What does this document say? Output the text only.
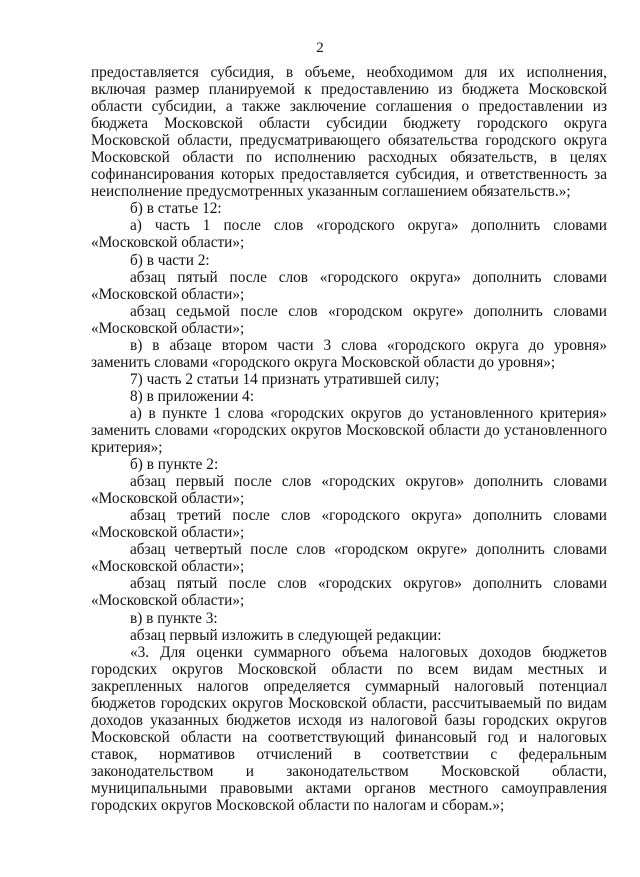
2

предоставляется субсидия, в объеме, необходимом для их исполнения, включая размер планируемой к предоставлению из бюджета Московской области субсидии, а также заключение соглашения о предоставлении из бюджета Московской области субсидии бюджету городского округа Московской области, предусматривающего обязательства городского округа Московской области по исполнению расходных обязательств, в целях софинансирования которых предоставляется субсидия, и ответственность за неисполнение предусмотренных указанным соглашением обязательств.»;

б) в статье 12:

а) часть 1 после слов «городского округа» дополнить словами «Московской области»;

б) в части 2:

абзац пятый после слов «городского округа» дополнить словами «Московской области»;

абзац седьмой после слов «городском округе» дополнить словами «Московской области»;

в) в абзаце втором части 3 слова «городского округа до уровня» заменить словами «городского округа Московской области до уровня»;

7) часть 2 статьи 14 признать утратившей силу;

8) в приложении 4:

а) в пункте 1 слова «городских округов до установленного критерия» заменить словами «городских округов Московской области до установленного критерия»;

б) в пункте 2:

абзац первый после слов «городских округов» дополнить словами «Московской области»;

абзац третий после слов «городского округа» дополнить словами «Московской области»;

абзац четвертый после слов «городском округе» дополнить словами «Московской области»;

абзац пятый после слов «городских округов» дополнить словами «Московской области»;

в) в пункте 3:

абзац первый изложить в следующей редакции:

«3. Для оценки суммарного объема налоговых доходов бюджетов городских округов Московской области по всем видам местных и закрепленных налогов определяется суммарный налоговый потенциал бюджетов городских округов Московской области, рассчитываемый по видам доходов указанных бюджетов исходя из налоговой базы городских округов Московской области на соответствующий финансовый год и налоговых ставок, нормативов отчислений в соответствии с федеральным законодательством и законодательством Московской области, муниципальными правовыми актами органов местного самоуправления городских округов Московской области по налогам и сборам.»;
